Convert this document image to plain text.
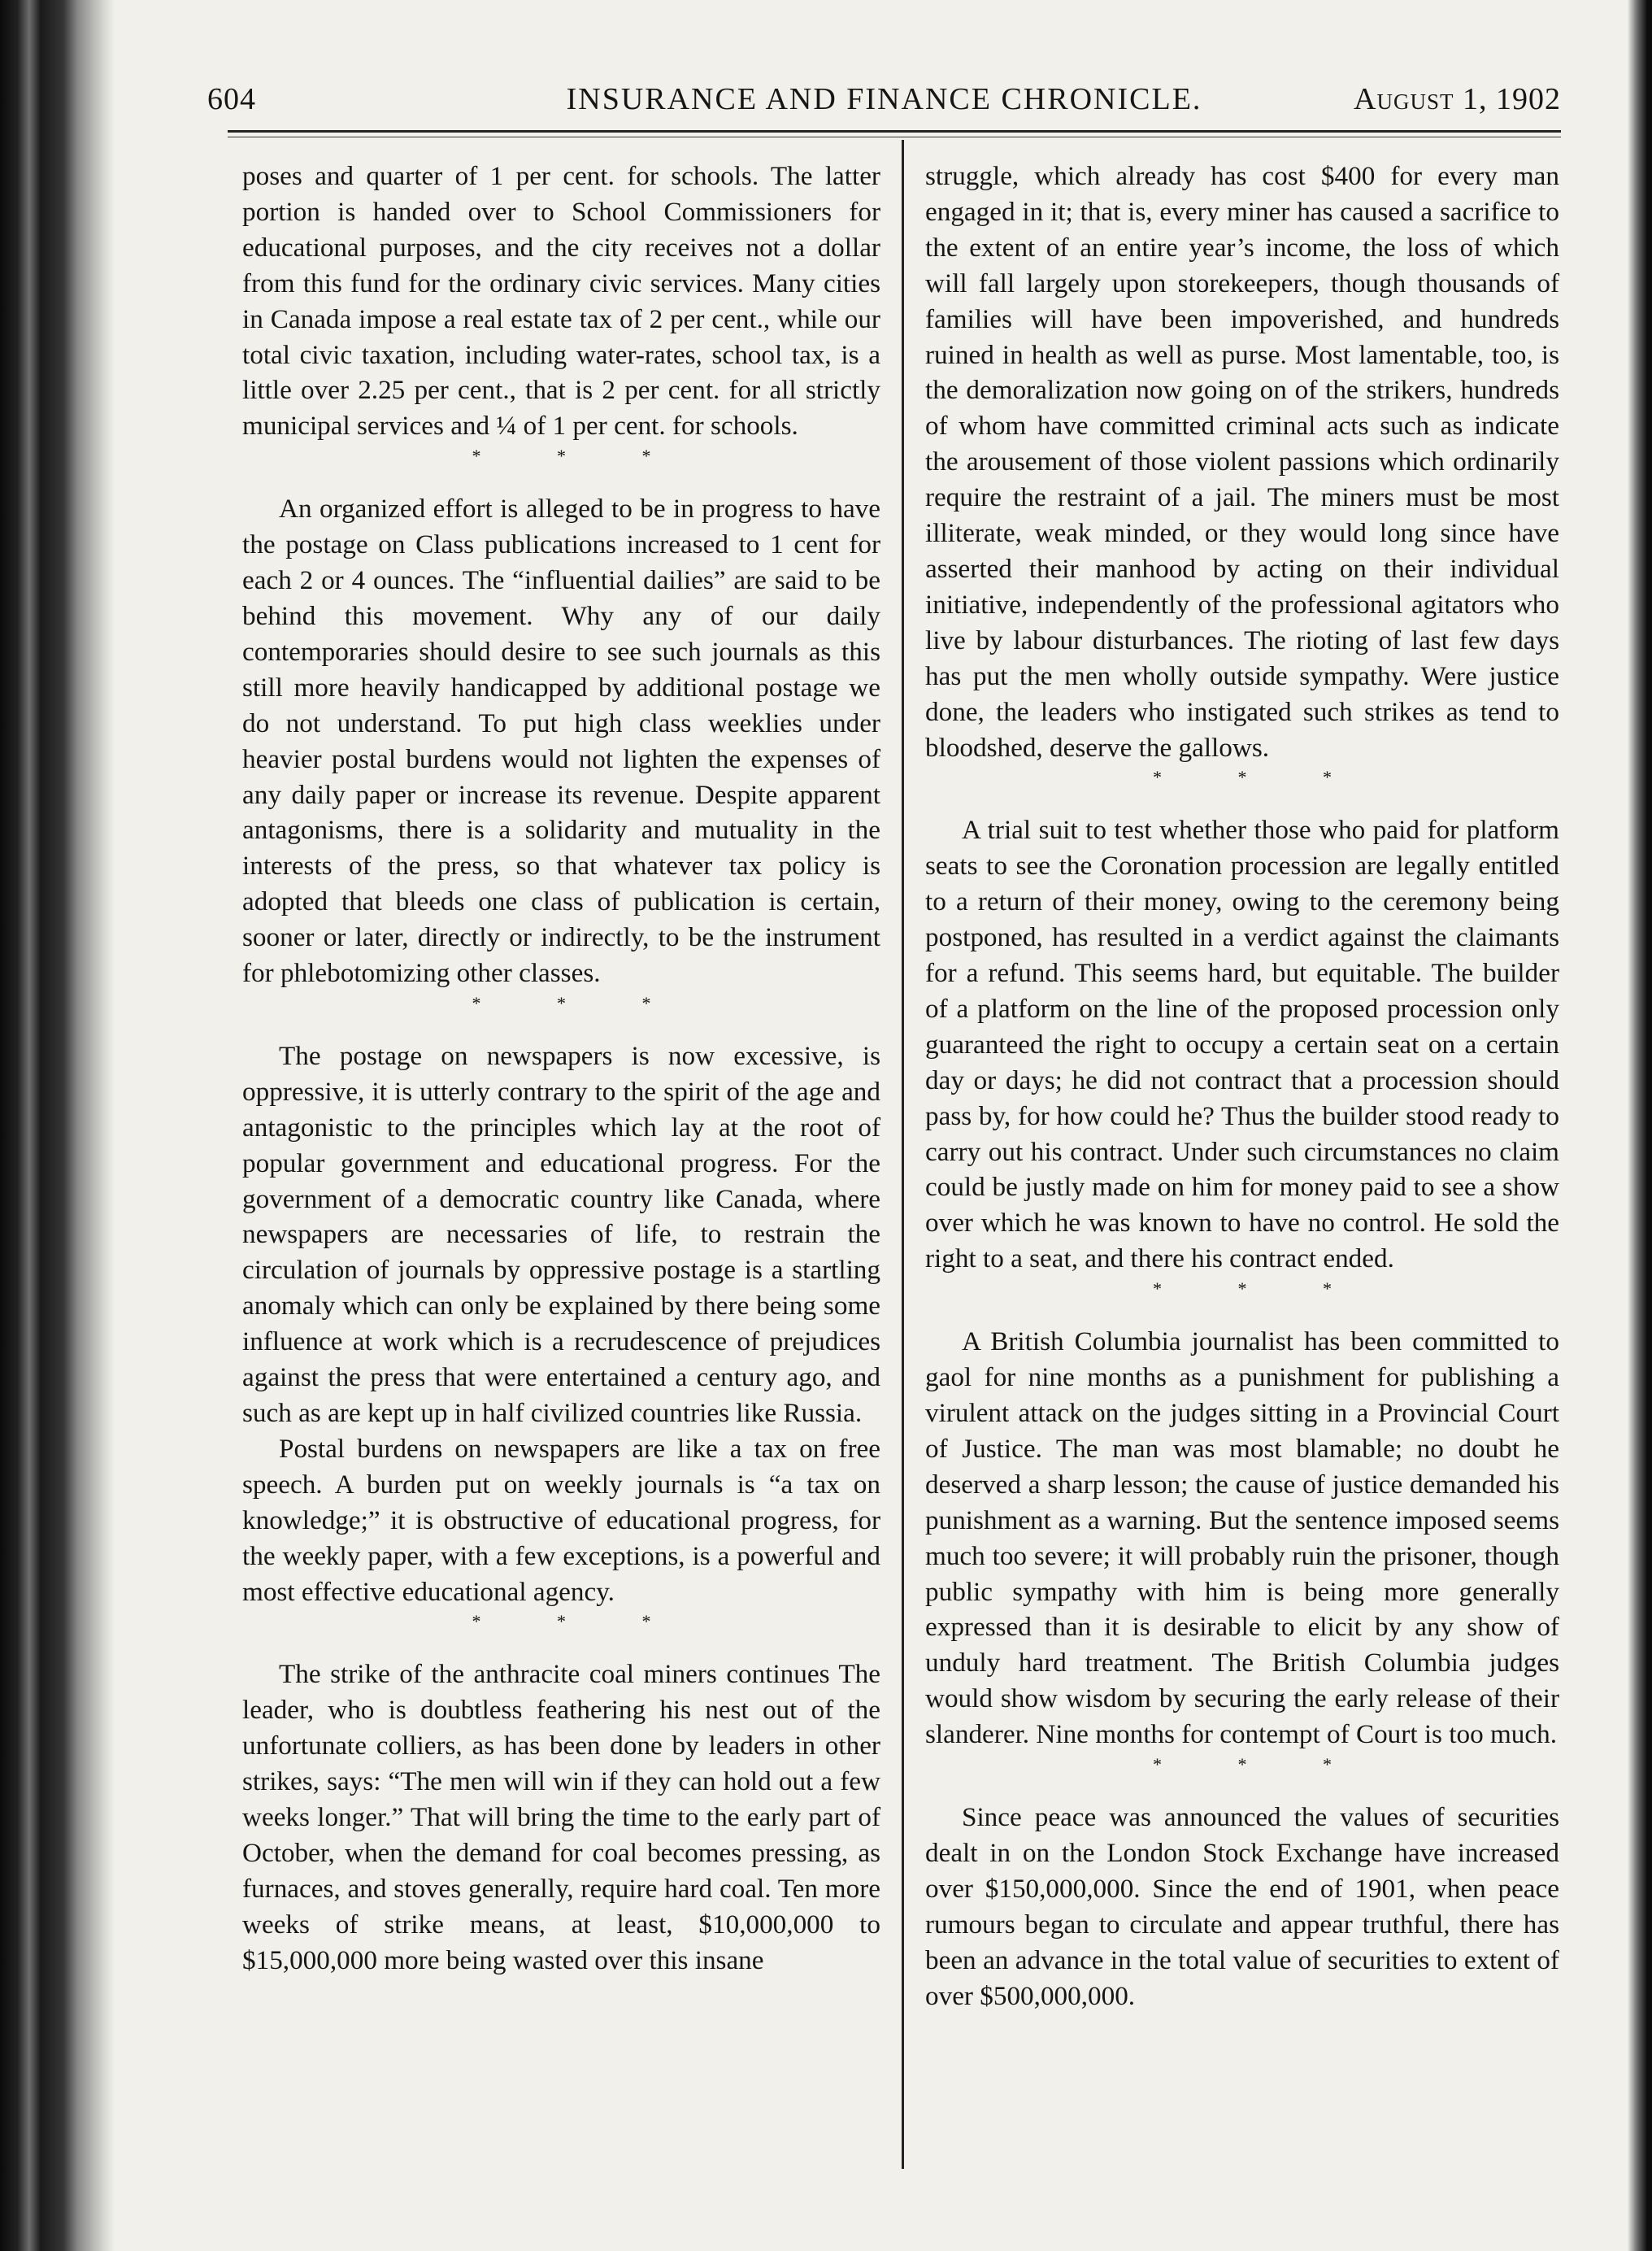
604	INSURANCE AND FINANCE CHRONICLE.	August 1, 1902

poses and quarter of 1 per cent. for schools. The latter portion is handed over to School Commissioners for educational purposes, and the city receives not a dollar from this fund for the ordinary civic services. Many cities in Canada impose a real estate tax of 2 per cent., while our total civic taxation, including water-rates, school tax, is a little over 2.25 per cent., that is 2 per cent. for all strictly municipal services and ¼ of 1 per cent. for schools.

* * *

An organized effort is alleged to be in progress to have the postage on Class publications increased to 1 cent for each 2 or 4 ounces. The “influential dailies” are said to be behind this movement. Why any of our daily contemporaries should desire to see such journals as this still more heavily handicapped by additional postage we do not understand. To put high class weeklies under heavier postal burdens would not lighten the expenses of any daily paper or increase its revenue. Despite apparent antagonisms, there is a solidarity and mutuality in the interests of the press, so that whatever tax policy is adopted that bleeds one class of publication is certain, sooner or later, directly or indirectly, to be the instrument for phlebotomizing other classes.

* * *

The postage on newspapers is now excessive, is oppressive, it is utterly contrary to the spirit of the age and antagonistic to the principles which lay at the root of popular government and educational progress. For the government of a democratic country like Canada, where newspapers are necessaries of life, to restrain the circulation of journals by oppressive postage is a startling anomaly which can only be explained by there being some influence at work which is a recrudescence of prejudices against the press that were entertained a century ago, and such as are kept up in half civilized countries like Russia.

Postal burdens on newspapers are like a tax on free speech. A burden put on weekly journals is “a tax on knowledge;” it is obstructive of educational progress, for the weekly paper, with a few exceptions, is a powerful and most effective educational agency.

* * *

The strike of the anthracite coal miners continues The leader, who is doubtless feathering his nest out of the unfortunate colliers, as has been done by leaders in other strikes, says: “The men will win if they can hold out a few weeks longer.” That will bring the time to the early part of October, when the demand for coal becomes pressing, as furnaces, and stoves generally, require hard coal. Ten more weeks of strike means, at least, $10,000,000 to $15,000,000 more being wasted over this insane

struggle, which already has cost $400 for every man engaged in it; that is, every miner has caused a sacrifice to the extent of an entire year’s income, the loss of which will fall largely upon storekeepers, though thousands of families will have been impoverished, and hundreds ruined in health as well as purse. Most lamentable, too, is the demoralization now going on of the strikers, hundreds of whom have committed criminal acts such as indicate the arousement of those violent passions which ordinarily require the restraint of a jail. The miners must be most illiterate, weak minded, or they would long since have asserted their manhood by acting on their individual initiative, independently of the professional agitators who live by labour disturbances. The rioting of last few days has put the men wholly outside sympathy. Were justice done, the leaders who instigated such strikes as tend to bloodshed, deserve the gallows.

* * *

A trial suit to test whether those who paid for platform seats to see the Coronation procession are legally entitled to a return of their money, owing to the ceremony being postponed, has resulted in a verdict against the claimants for a refund. This seems hard, but equitable. The builder of a platform on the line of the proposed procession only guaranteed the right to occupy a certain seat on a certain day or days; he did not contract that a procession should pass by, for how could he? Thus the builder stood ready to carry out his contract. Under such circumstances no claim could be justly made on him for money paid to see a show over which he was known to have no control. He sold the right to a seat, and there his contract ended.

* * *

A British Columbia journalist has been committed to gaol for nine months as a punishment for publishing a virulent attack on the judges sitting in a Provincial Court of Justice. The man was most blamable; no doubt he deserved a sharp lesson; the cause of justice demanded his punishment as a warning. But the sentence imposed seems much too severe; it will probably ruin the prisoner, though public sympathy with him is being more generally expressed than it is desirable to elicit by any show of unduly hard treatment. The British Columbia judges would show wisdom by securing the early release of their slanderer. Nine months for contempt of Court is too much.

* * *

Since peace was announced the values of securities dealt in on the London Stock Exchange have increased over $150,000,000. Since the end of 1901, when peace rumours began to circulate and appear truthful, there has been an advance in the total value of securities to extent of over $500,000,000.
